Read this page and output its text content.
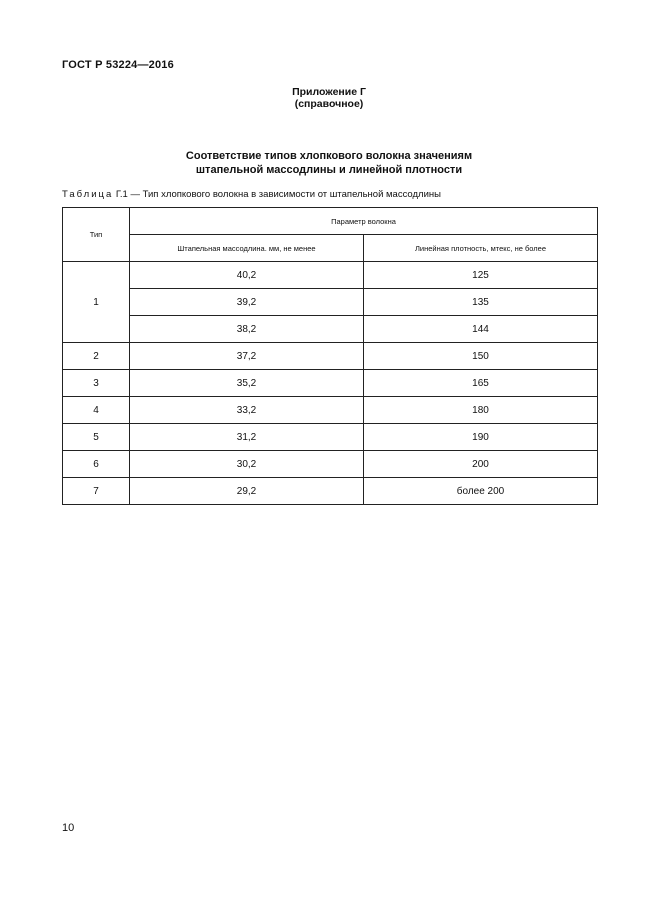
ГОСТ Р 53224—2016
Приложение Г
(справочное)
Соответствие типов хлопкового волокна значениям
штапельной массодлины и линейной плотности
Таблица Г.1 — Тип хлопкового волокна в зависимости от штапельной массодлины
Тип	Параметр волокна	
	Штапельная массодлина. мм, не менее	Линейная плотность, мтекс, не более
1	40,2	125
	39,2	135
	38,2	144
2	37,2	150
3	35,2	165
4	33,2	180
5	31,2	190
6	30,2	200
7	29,2	более 200
10
